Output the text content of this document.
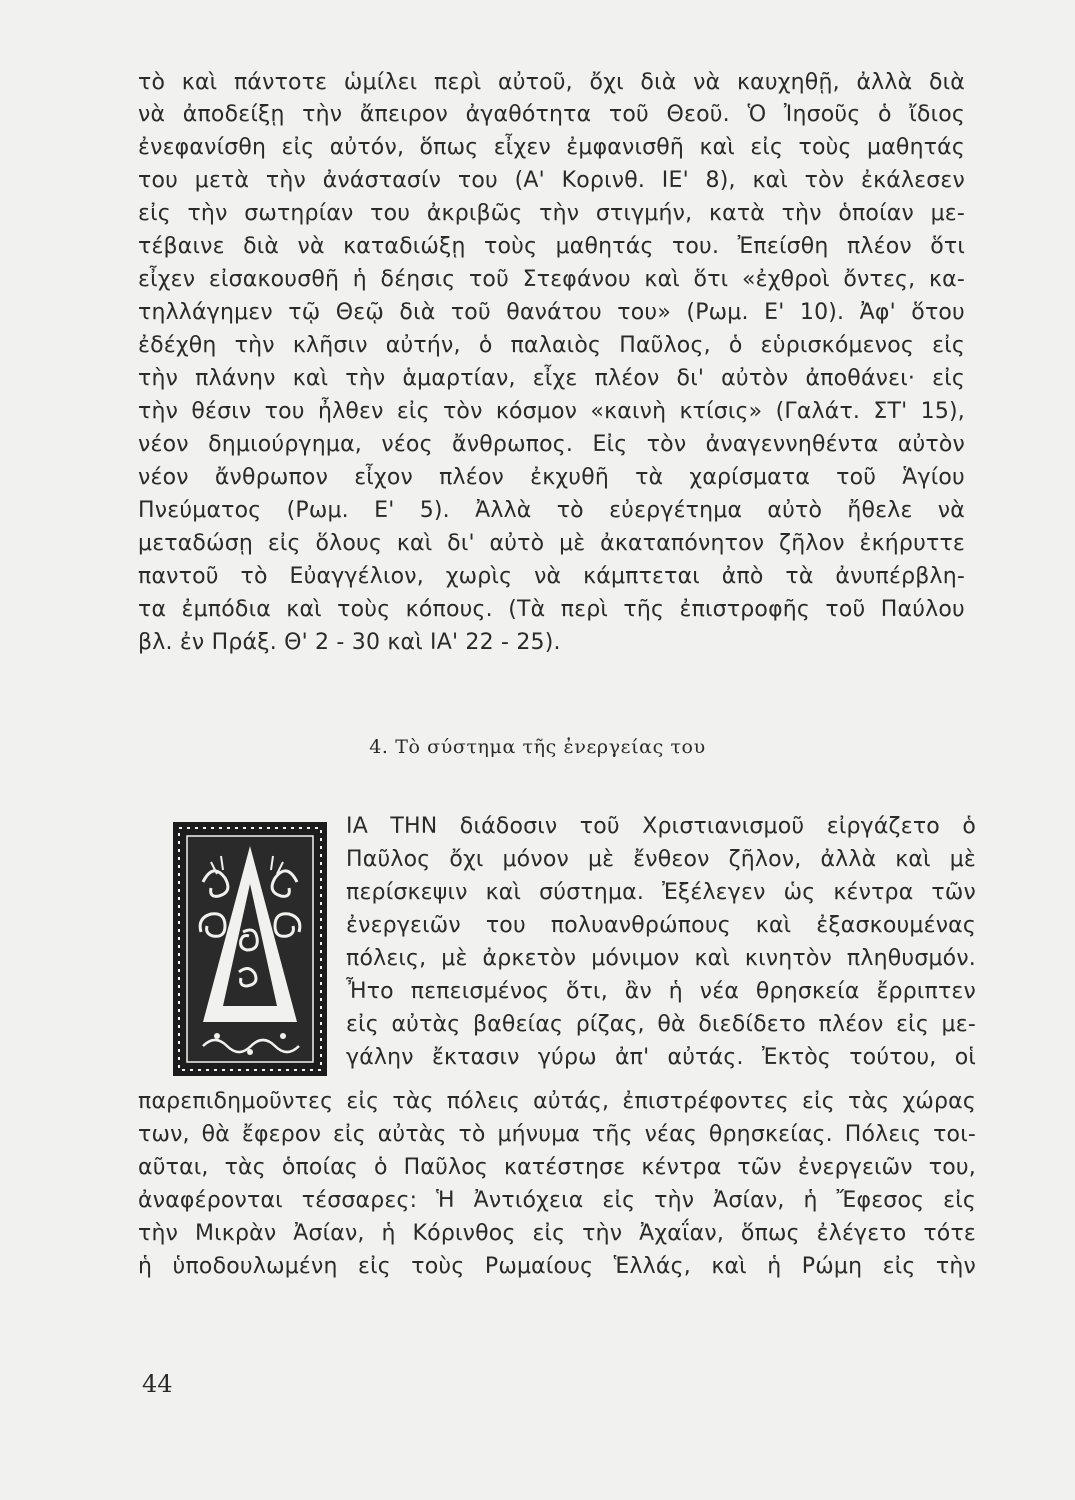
τὸ καὶ πάντοτε ὡμίλει περὶ αὐτοῦ, ὄχι διὰ νὰ καυχηθῇ, ἀλλὰ διὰ
νὰ ἀποδείξῃ τὴν ἄπειρον ἀγαθότητα τοῦ Θεοῦ. Ὁ Ἰησοῦς ὁ ἴδιος
ἐνεφανίσθη εἰς αὐτόν, ὅπως εἶχεν ἐμφανισθῆ καὶ εἰς τοὺς μαθητάς
του μετὰ τὴν ἀνάστασίν του (Α' Κορινθ. ΙΕ' 8), καὶ τὸν ἐκάλεσεν
εἰς τὴν σωτηρίαν του ἀκριβῶς τὴν στιγμήν, κατὰ τὴν ὁποίαν με-
τέβαινε διὰ νὰ καταδιώξῃ τοὺς μαθητάς του. Ἐπείσθη πλέον ὅτι
εἶχεν εἰσακουσθῆ ἡ δέησις τοῦ Στεφάνου καὶ ὅτι «ἐχθροὶ ὄντες, κα-
τηλλάγημεν τῷ Θεῷ διὰ τοῦ θανάτου του» (Ρωμ. Ε' 10). Ἀφ' ὅτου
ἐδέχθη τὴν κλῆσιν αὐτήν, ὁ παλαιὸς Παῦλος, ὁ εὑρισκόμενος εἰς
τὴν πλάνην καὶ τὴν ἁμαρτίαν, εἶχε πλέον δι' αὐτὸν ἀποθάνει· εἰς
τὴν θέσιν του ἦλθεν εἰς τὸν κόσμον «καινὴ κτίσις» (Γαλάτ. ΣΤ' 15),
νέον δημιούργημα, νέος ἄνθρωπος. Εἰς τὸν ἀναγεννηθέντα αὐτὸν
νέον ἄνθρωπον εἶχον πλέον ἐκχυθῆ τὰ χαρίσματα τοῦ Ἁγίου
Πνεύματος (Ρωμ. Ε' 5). Ἀλλὰ τὸ εὐεργέτημα αὐτὸ ἤθελε νὰ
μεταδώσῃ εἰς ὅλους καὶ δι' αὐτὸ μὲ ἀκαταπόνητον ζῆλον ἐκήρυττε
παντοῦ τὸ Εὐαγγέλιον, χωρὶς νὰ κάμπτεται ἀπὸ τὰ ἀνυπέρβλη-
τα ἐμπόδια καὶ τοὺς κόπους. (Τὰ περὶ τῆς ἐπιστροφῆς τοῦ Παύλου
βλ. ἐν Πράξ. Θ' 2 - 30 καὶ ΙΑ' 22 - 25).
4. Τὸ σύστημα τῆς ἐνεργείας του
ΙΑ ΤΗΝ διάδοσιν τοῦ Χριστιανισμοῦ εἰργάζετο ὁ
Παῦλος ὄχι μόνον μὲ ἔνθεον ζῆλον, ἀλλὰ καὶ μὲ
περίσκεψιν καὶ σύστημα. Ἐξέλεγεν ὡς κέντρα τῶν
ἐνεργειῶν του πολυανθρώπους καὶ ἐξασκουμένας
πόλεις, μὲ ἀρκετὸν μόνιμον καὶ κινητὸν πληθυσμόν.
Ἦτο πεπεισμένος ὅτι, ἂν ἡ νέα θρησκεία ἔρριπτεν
εἰς αὐτὰς βαθείας ρίζας, θὰ διεδίδετο πλέον εἰς με-
γάλην ἔκτασιν γύρω ἀπ' αὐτάς. Ἐκτὸς τούτου, οἱ
παρεπιδημοῦντες εἰς τὰς πόλεις αὐτάς, ἐπιστρέφοντες εἰς τὰς χώρας
των, θὰ ἔφερον εἰς αὐτὰς τὸ μήνυμα τῆς νέας θρησκείας. Πόλεις τοι-
αῦται, τὰς ὁποίας ὁ Παῦλος κατέστησε κέντρα τῶν ἐνεργειῶν του,
ἀναφέρονται τέσσαρες: Ἡ Ἀντιόχεια εἰς τὴν Ἀσίαν, ἡ Ἔφεσος εἰς
τὴν Μικρὰν Ἀσίαν, ἡ Κόρινθος εἰς τὴν Ἀχαΐαν, ὅπως ἐλέγετο τότε
ἡ ὑποδουλωμένη εἰς τοὺς Ρωμαίους Ἑλλάς, καὶ ἡ Ρώμη εἰς τὴν
44
